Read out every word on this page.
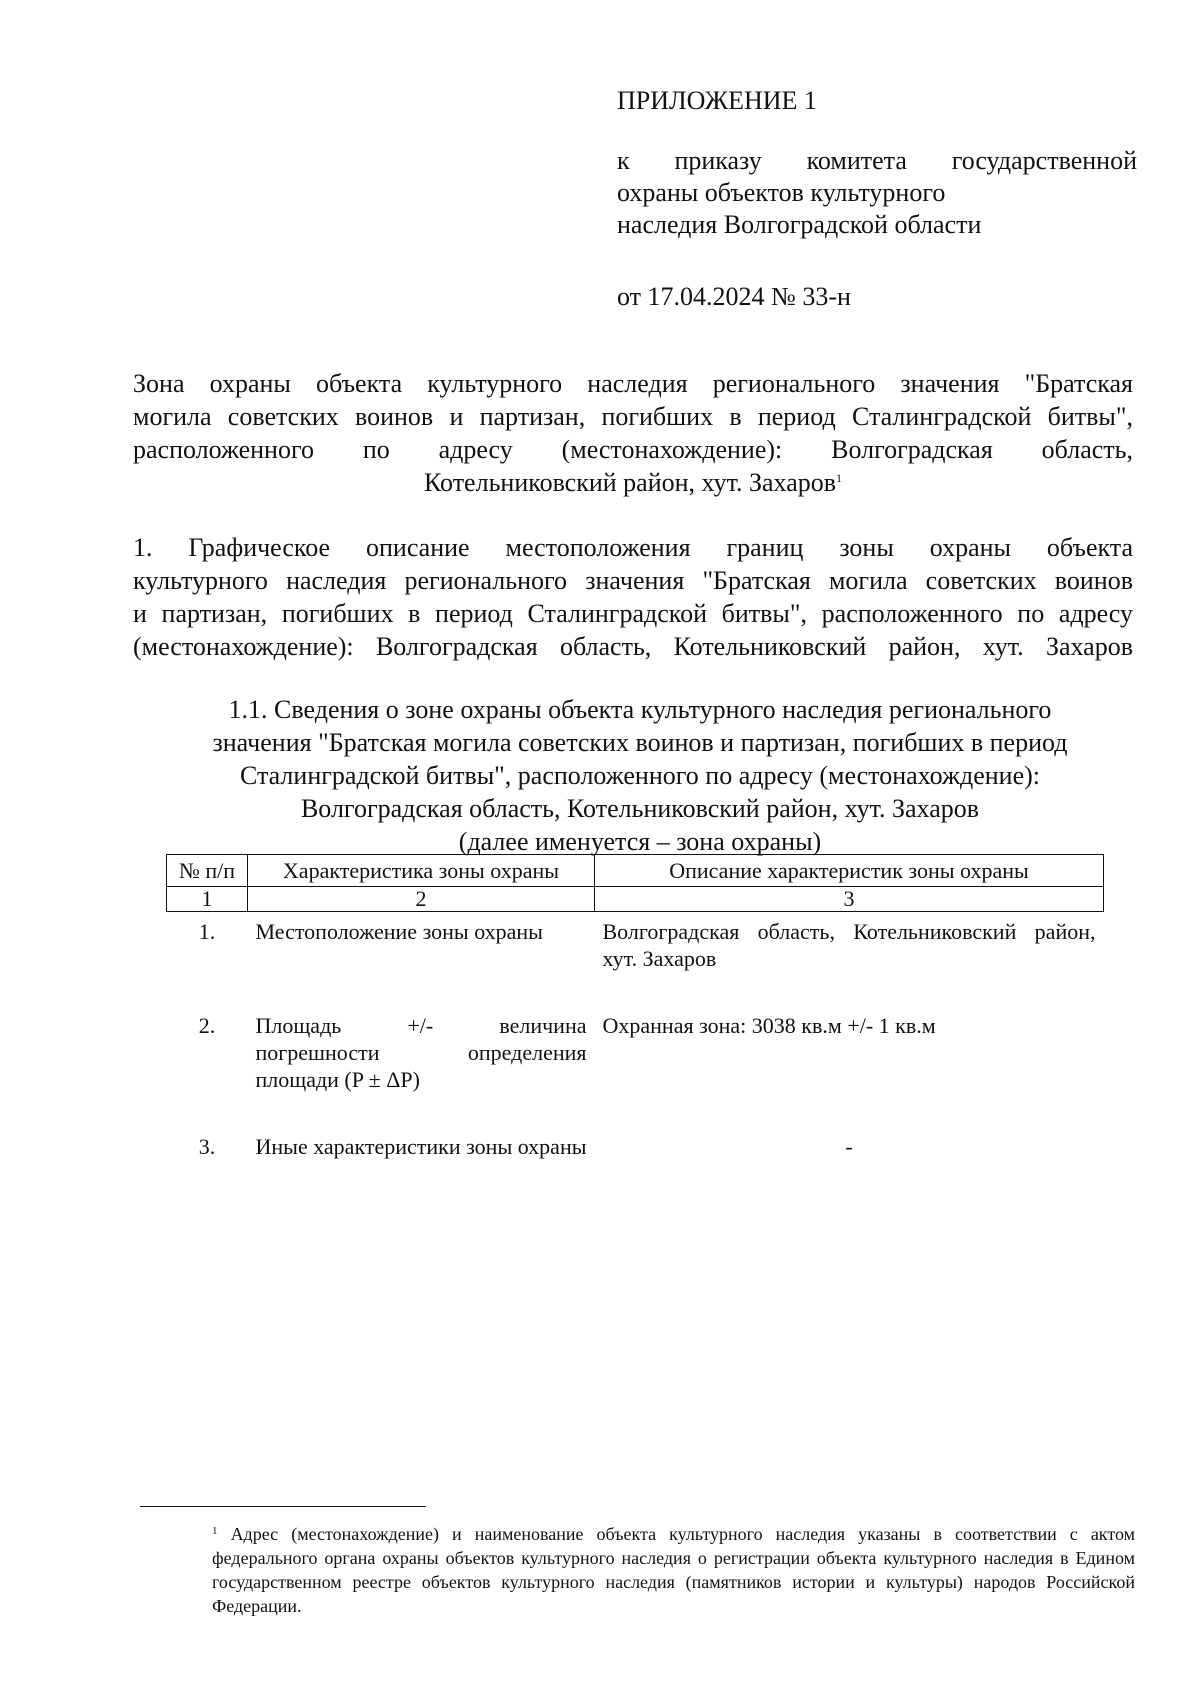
ПРИЛОЖЕНИЕ 1
к приказу комитета государственной
охраны объектов культурного
наследия Волгоградской области
от 17.04.2024 № 33-н
Зона охраны объекта культурного наследия регионального значения "Братская
могила советских воинов и партизан, погибших в период Сталинградской битвы",
расположенного по адресу (местонахождение): Волгоградская область,
Котельниковский район, хут. Захаров$^1$
1. Графическое описание местоположения границ зоны охраны объекта
культурного наследия регионального значения "Братская могила советских воинов
и партизан, погибших в период Сталинградской битвы", расположенного по адресу
(местонахождение): Волгоградская область, Котельниковский район, хут. Захаров
1.1. Сведения о зоне охраны объекта культурного наследия регионального
значения "Братская могила советских воинов и партизан, погибших в период
Сталинградской битвы", расположенного по адресу (местонахождение):
Волгоградская область, Котельниковский район, хут. Захаров
(далее именуется – зона охраны)
№ п/п	Характеристика зоны охраны	Описание характеристик зоны охраны
1	2	3
1.	Местоположение зоны охраны	Волгоградская область, Котельниковский район, хут. Захаров
2.	Площадь +/- величина погрешности определения площади (P ± ΔP)	Охранная зона: 3038 кв.м +/- 1 кв.м
3.	Иные характеристики зоны охраны	-
$^1$ Адрес (местонахождение) и наименование объекта культурного наследия указаны в соответствии с актом федерального органа охраны объектов культурного наследия о регистрации объекта культурного наследия в Едином государственном реестре объектов культурного наследия (памятников истории и культуры) народов Российской Федерации.
